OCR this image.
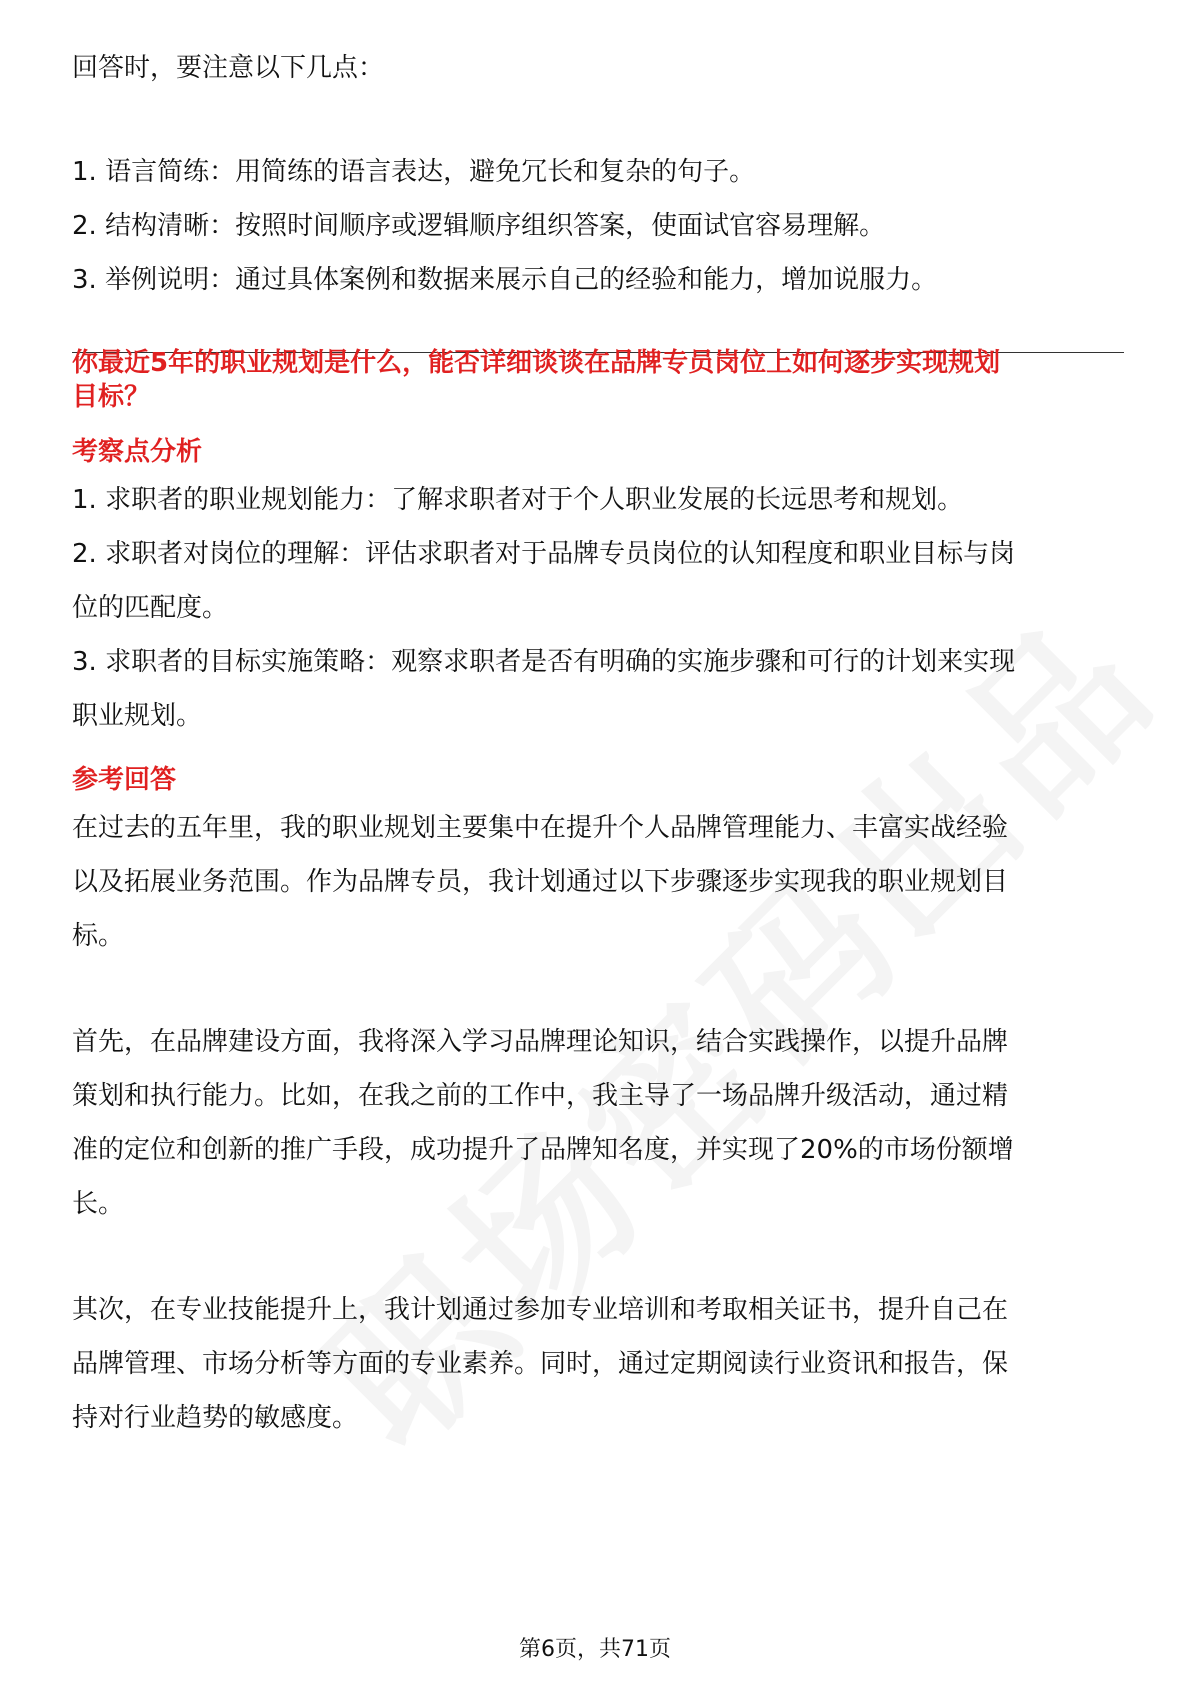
回答时，要注意以下几点：

1. 语言简练：用简练的语言表达，避免冗长和复杂的句子。

2. 结构清晰：按照时间顺序或逻辑顺序组织答案，使面试官容易理解。

3. 举例说明：通过具体案例和数据来展示自己的经验和能力，增加说服力。

你最近5年的职业规划是什么，能否详细谈谈在品牌专员岗位上如何逐步实现规划

目标？

考察点分析

1. 求职者的职业规划能力：了解求职者对于个人职业发展的长远思考和规划。

2. 求职者对岗位的理解：评估求职者对于品牌专员岗位的认知程度和职业目标与岗

位的匹配度。

3. 求职者的目标实施策略：观察求职者是否有明确的实施步骤和可行的计划来实现

职业规划。

参考回答

在过去的五年里，我的职业规划主要集中在提升个人品牌管理能力、丰富实战经验

以及拓展业务范围。作为品牌专员，我计划通过以下步骤逐步实现我的职业规划目

标。

首先，在品牌建设方面，我将深入学习品牌理论知识，结合实践操作，以提升品牌

策划和执行能力。比如，在我之前的工作中，我主导了一场品牌升级活动，通过精

准的定位和创新的推广手段，成功提升了品牌知名度，并实现了20%的市场份额增

长。

其次，在专业技能提升上，我计划通过参加专业培训和考取相关证书，提升自己在

品牌管理、市场分析等方面的专业素养。同时，通过定期阅读行业资讯和报告，保

持对行业趋势的敏感度。

第6页，共71页
